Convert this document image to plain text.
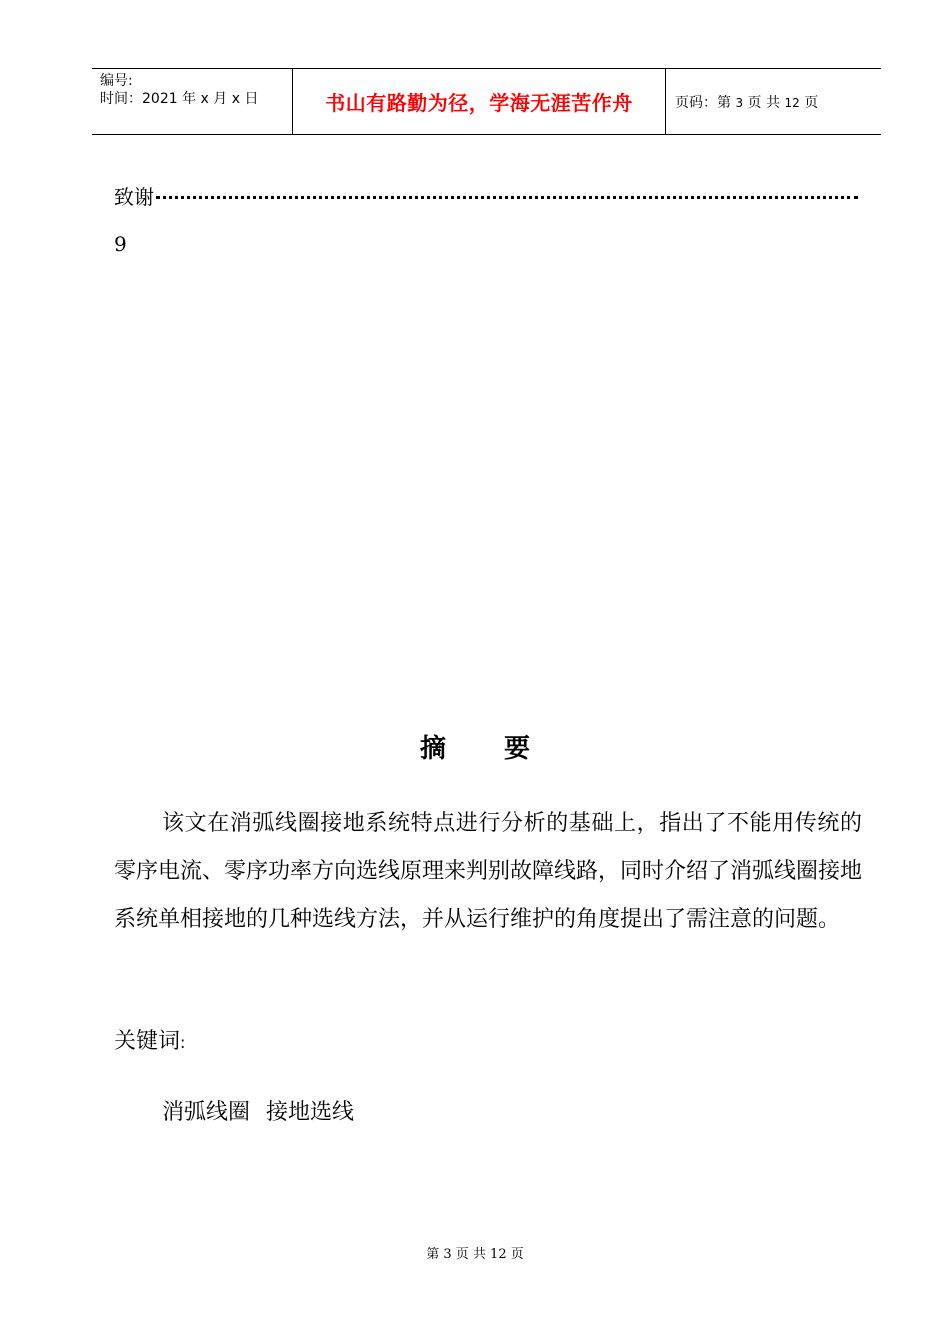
编号:
时间：2021 年 x 月 x 日	书山有路勤为径，学海无涯苦作舟	页码：第 3 页 共 12 页
致谢
9
摘 要
该文在消弧线圈接地系统特点进行分析的基础上，指出了不能用传统的零序电流、零序功率方向选线原理来判别故障线路，同时介绍了消弧线圈接地系统单相接地的几种选线方法，并从运行维护的角度提出了需注意的问题。
关键词:
消弧线圈 接地选线
第 3 页 共 12 页
